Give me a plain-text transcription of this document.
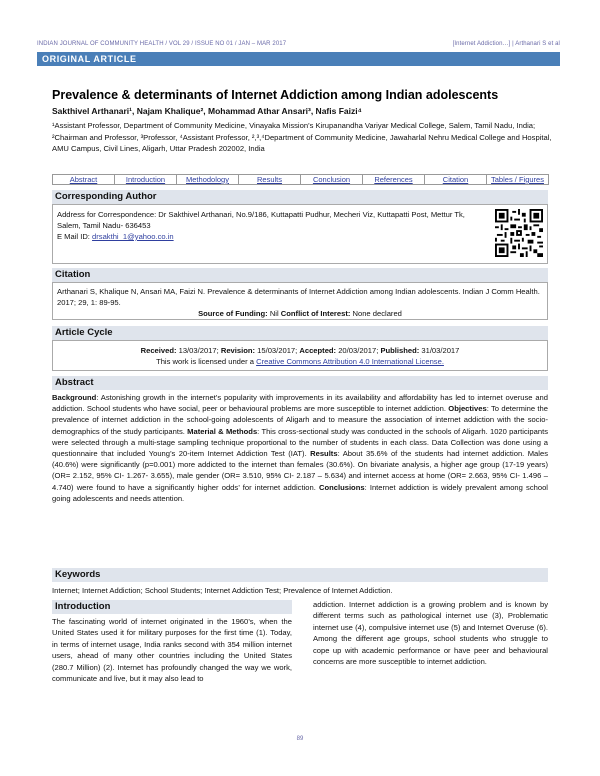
INDIAN JOURNAL OF COMMUNITY HEALTH / VOL 29 / ISSUE NO 01 / JAN – MAR 2017	[Internet Addiction…] | Arthanari S et al
ORIGINAL ARTICLE
Prevalence & determinants of Internet Addiction among Indian adolescents
Sakthivel Arthanari¹, Najam Khalique², Mohammad Athar Ansari³, Nafis Faizi⁴
¹Assistant Professor, Department of Community Medicine, Vinayaka Mission’s Kirupanandha Variyar Medical College, Salem, Tamil Nadu, India; ²Chairman and Professor, ³Professor, ⁴Assistant Professor, ²,³,⁴Department of Community Medicine, Jawaharlal Nehru Medical College and Hospital, AMU Campus, Civil Lines, Aligarh, Uttar Pradesh 202002, India
Abstract	Introduction	Methodology	Results	Conclusion	References	Citation	Tables / Figures
Corresponding Author
Address for Correspondence: Dr Sakthivel Arthanari, No.9/186, Kuttapatti Pudhur, Mecheri Viz, Kuttapatti Post, Mettur Tk, Salem, Tamil Nadu- 636453
E Mail ID: drsakthi_1@yahoo.co.in
Citation
Arthanari S, Khalique N, Ansari MA, Faizi N. Prevalence & determinants of Internet Addiction among Indian adolescents. Indian J Comm Health. 2017; 29, 1: 89-95.
Source of Funding: Nil Conflict of Interest: None declared
Article Cycle
Received: 13/03/2017; Revision: 15/03/2017; Accepted: 20/03/2017; Published: 31/03/2017
This work is licensed under a Creative Commons Attribution 4.0 International License.
Abstract
Background: Astonishing growth in the internet’s popularity with improvements in its availability and affordability has led to internet overuse and addiction. School students who have social, peer or behavioural problems are more susceptible to internet addiction. Objectives: To determine the prevalence of internet addiction in the school-going adolescents of Aligarh and to measure the association of internet addiction with the socio-demographics of the study participants. Material & Methods: This cross-sectional study was conducted in the schools of Aligarh. 1020 participants were selected through a multi-stage sampling technique proportional to the number of students in each class. Data Collection was done using a questionnaire that included Young’s 20-item Internet Addiction Test (IAT). Results: About 35.6% of the students had internet addiction. Males (40.6%) were significantly (p=0.001) more addicted to the internet than females (30.6%). On bivariate analysis, a higher age group (17-19 years) (OR= 2.152, 95% CI- 1.267- 3.655), male gender (OR= 3.510, 95% CI- 2.187 – 5.634) and internet access at home (OR= 2.663, 95% CI- 1.496 – 4.740) were found to have a significantly higher odds’ for internet addiction. Conclusions: Internet addiction is widely prevalent among school going adolescents and needs attention.
Keywords
Internet; Internet Addiction; School Students; Internet Addiction Test; Prevalence of Internet Addiction.
Introduction
The fascinating world of internet originated in the 1960’s, when the United States used it for military purposes for the first time (1). Today, in terms of internet usage, India ranks second with 354 million internet users, ahead of many other countries including the United States (280.7 Million) (2). Internet has profoundly changed the way we work, communicate and live, but it may also lead to
addiction. Internet addiction is a growing problem and is known by different terms such as pathological internet use (3), Problematic internet use (4), compulsive internet use (5) and Internet Overuse (6). Among the different age groups, school students who struggle to cope up with academic performance or have peer and behavioural concerns are more susceptible to internet addiction.
89
